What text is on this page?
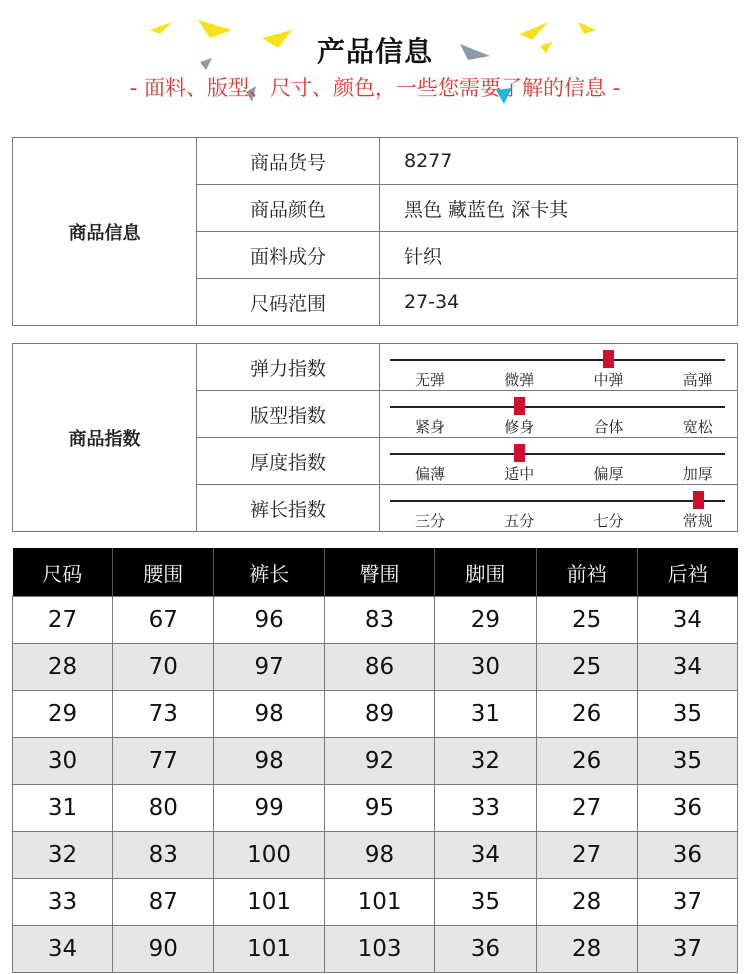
产品信息
- 面料、版型、尺寸、颜色，一些您需要了解的信息 -
商品信息	商品货号	8277
	商品颜色	黑色 藏蓝色 深卡其
	面料成分	针织
	尺码范围	27-34
商品指数	弹力指数	无弹 微弹 中弹 高弹

	版型指数	紧身 修身 合体 宽松

	厚度指数	偏薄 适中 偏厚 加厚

	裤长指数	三分 五分 七分 常规
尺码	腰围	裤长	臀围	脚围	前裆	后裆
27	67	96	83	29	25	34
28	70	97	86	30	25	34
29	73	98	89	31	26	35
30	77	98	92	32	26	35
31	80	99	95	33	27	36
32	83	100	98	34	27	36
33	87	101	101	35	28	37
34	90	101	103	36	28	37
